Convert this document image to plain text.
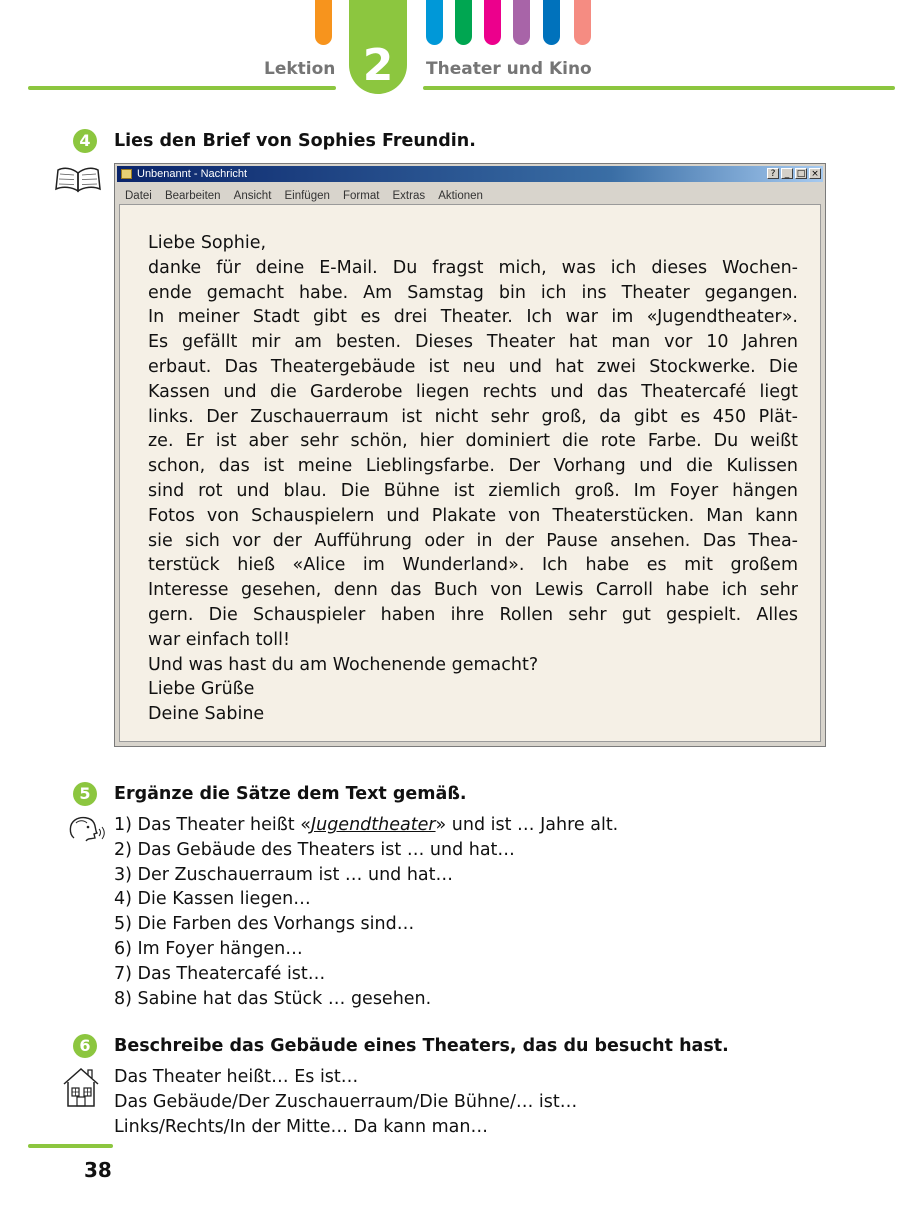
Lektion 2	Theater und Kino
4	Lies den Brief von Sophies Freundin.
Unbenannt - Nachricht	?	_ □ ×
Datei Bearbeiten Ansicht Einfügen Format Extras Aktionen
Liebe Sophie,
danke für deine E-Mail. Du fragst mich, was ich dieses Wochen-
ende gemacht habe. Am Samstag bin ich ins Theater gegangen.
In meiner Stadt gibt es drei Theater. Ich war im «Jugendtheater».
Es gefällt mir am besten. Dieses Theater hat man vor 10 Jahren
erbaut. Das Theatergebäude ist neu und hat zwei Stockwerke. Die
Kassen und die Garderobe liegen rechts und das Theatercafé liegt
links. Der Zuschauerraum ist nicht sehr groß, da gibt es 450 Plät-
ze. Er ist aber sehr schön, hier dominiert die rote Farbe. Du weißt
schon, das ist meine Lieblingsfarbe. Der Vorhang und die Kulissen
sind rot und blau. Die Bühne ist ziemlich groß. Im Foyer hängen
Fotos von Schauspielern und Plakate von Theaterstücken. Man kann
sie sich vor der Aufführung oder in der Pause ansehen. Das Thea-
terstück hieß «Alice im Wunderland». Ich habe es mit großem
Interesse gesehen, denn das Buch von Lewis Carroll habe ich sehr
gern. Die Schauspieler haben ihre Rollen sehr gut gespielt. Alles
war einfach toll!
Und was hast du am Wochenende gemacht?
Liebe Grüße
Deine Sabine
5	Ergänze die Sätze dem Text gemäß.
1) Das Theater heißt «Jugendtheater» und ist … Jahre alt.
2) Das Gebäude des Theaters ist … und hat…
3) Der Zuschauerraum ist … und hat…
4) Die Kassen liegen…
5) Die Farben des Vorhangs sind…
6) Im Foyer hängen…
7) Das Theatercafé ist…
8) Sabine hat das Stück … gesehen.
6	Beschreibe das Gebäude eines Theaters, das du besucht hast.
Das Theater heißt… Es ist…
Das Gebäude/Der Zuschauerraum/Die Bühne/… ist…
Links/Rechts/In der Mitte… Da kann man…
38
